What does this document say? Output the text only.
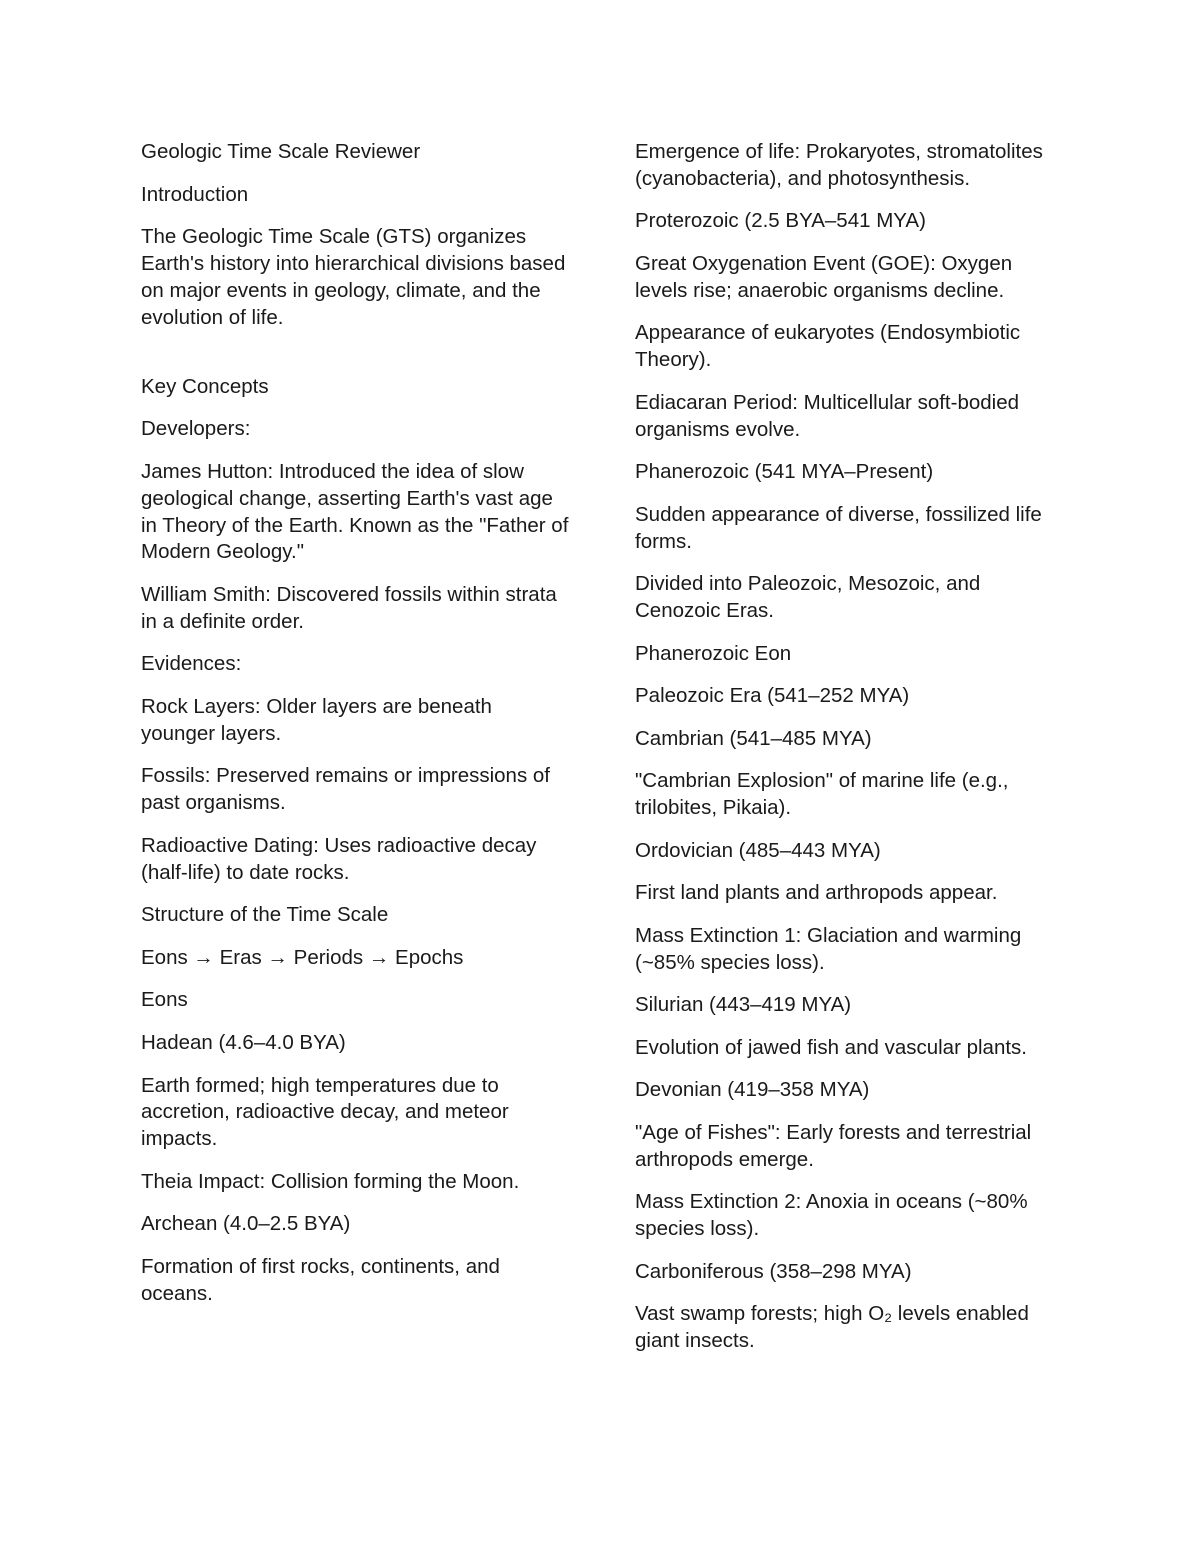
Geologic Time Scale Reviewer
Introduction
The Geologic Time Scale (GTS) organizes Earth's history into hierarchical divisions based on major events in geology, climate, and the evolution of life.
Key Concepts
Developers:
James Hutton: Introduced the idea of slow geological change, asserting Earth's vast age in Theory of the Earth. Known as the "Father of Modern Geology."
William Smith: Discovered fossils within strata in a definite order.
Evidences:
Rock Layers: Older layers are beneath younger layers.
Fossils: Preserved remains or impressions of past organisms.
Radioactive Dating: Uses radioactive decay (half-life) to date rocks.
Structure of the Time Scale
Eons → Eras → Periods → Epochs
Eons
Hadean (4.6–4.0 BYA)
Earth formed; high temperatures due to accretion, radioactive decay, and meteor impacts.
Theia Impact: Collision forming the Moon.
Archean (4.0–2.5 BYA)
Formation of first rocks, continents, and oceans.
Emergence of life: Prokaryotes, stromatolites (cyanobacteria), and photosynthesis.
Proterozoic (2.5 BYA–541 MYA)
Great Oxygenation Event (GOE): Oxygen levels rise; anaerobic organisms decline.
Appearance of eukaryotes (Endosymbiotic Theory).
Ediacaran Period: Multicellular soft-bodied organisms evolve.
Phanerozoic (541 MYA–Present)
Sudden appearance of diverse, fossilized life forms.
Divided into Paleozoic, Mesozoic, and Cenozoic Eras.
Phanerozoic Eon
Paleozoic Era (541–252 MYA)
Cambrian (541–485 MYA)
"Cambrian Explosion" of marine life (e.g., trilobites, Pikaia).
Ordovician (485–443 MYA)
First land plants and arthropods appear.
Mass Extinction 1: Glaciation and warming (~85% species loss).
Silurian (443–419 MYA)
Evolution of jawed fish and vascular plants.
Devonian (419–358 MYA)
"Age of Fishes": Early forests and terrestrial arthropods emerge.
Mass Extinction 2: Anoxia in oceans (~80% species loss).
Carboniferous (358–298 MYA)
Vast swamp forests; high O₂ levels enabled giant insects.
